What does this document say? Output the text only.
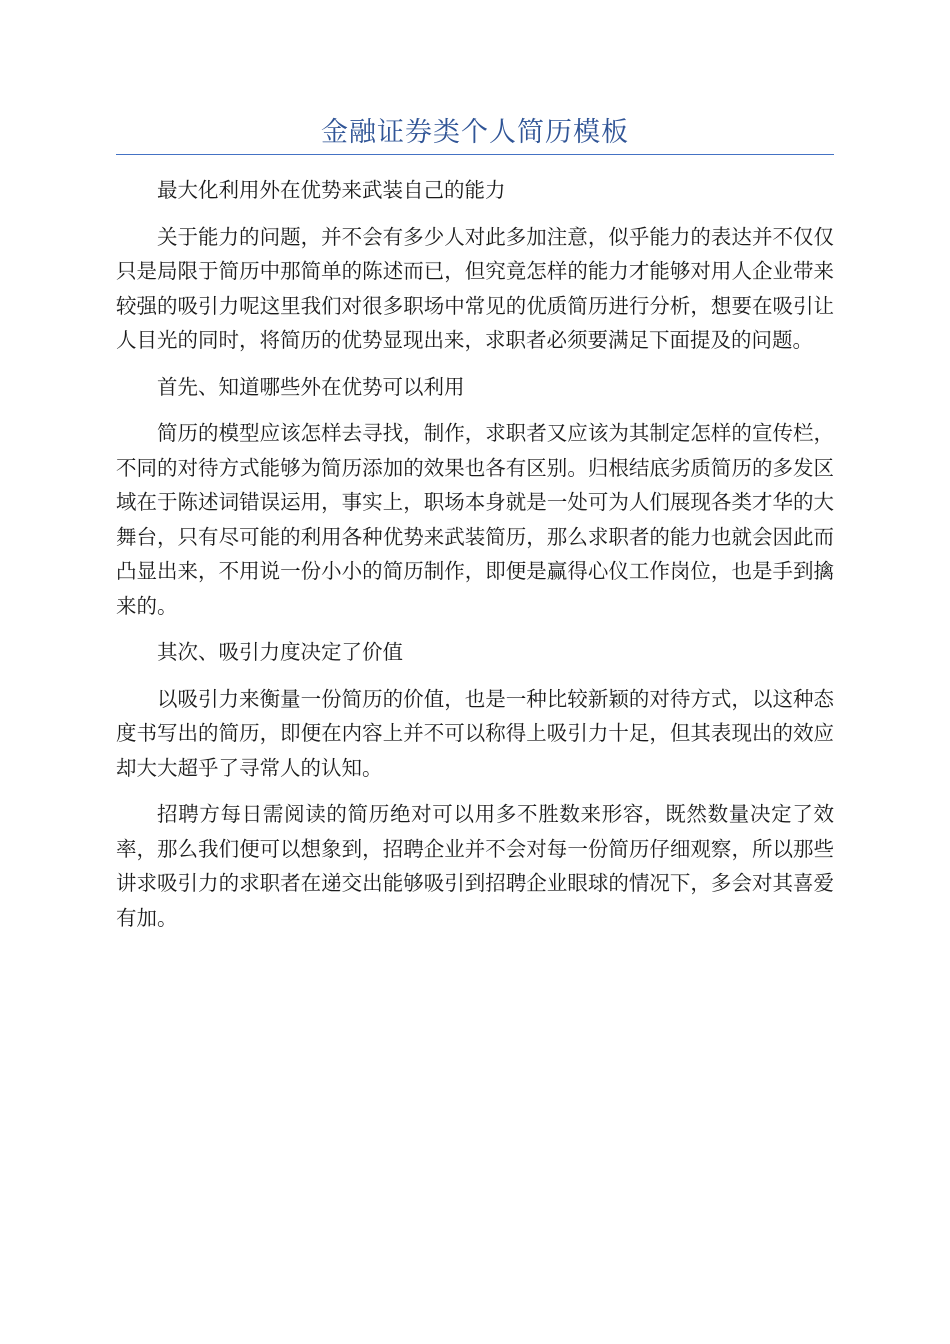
金融证券类个人简历模板

最大化利用外在优势来武装自己的能力

关于能力的问题，并不会有多少人对此多加注意，似乎能力的表达并不仅仅只是局限于简历中那简单的陈述而已，但究竟怎样的能力才能够对用人企业带来较强的吸引力呢这里我们对很多职场中常见的优质简历进行分析，想要在吸引让人目光的同时，将简历的优势显现出来，求职者必须要满足下面提及的问题。

首先、知道哪些外在优势可以利用

简历的模型应该怎样去寻找，制作，求职者又应该为其制定怎样的宣传栏，不同的对待方式能够为简历添加的效果也各有区别。归根结底劣质简历的多发区域在于陈述词错误运用，事实上，职场本身就是一处可为人们展现各类才华的大舞台，只有尽可能的利用各种优势来武装简历，那么求职者的能力也就会因此而凸显出来，不用说一份小小的简历制作，即便是赢得心仪工作岗位，也是手到擒来的。

其次、吸引力度决定了价值

以吸引力来衡量一份简历的价值，也是一种比较新颖的对待方式，以这种态度书写出的简历，即便在内容上并不可以称得上吸引力十足，但其表现出的效应却大大超乎了寻常人的认知。

招聘方每日需阅读的简历绝对可以用多不胜数来形容，既然数量决定了效率，那么我们便可以想象到，招聘企业并不会对每一份简历仔细观察，所以那些讲求吸引力的求职者在递交出能够吸引到招聘企业眼球的情况下，多会对其喜爱有加。
